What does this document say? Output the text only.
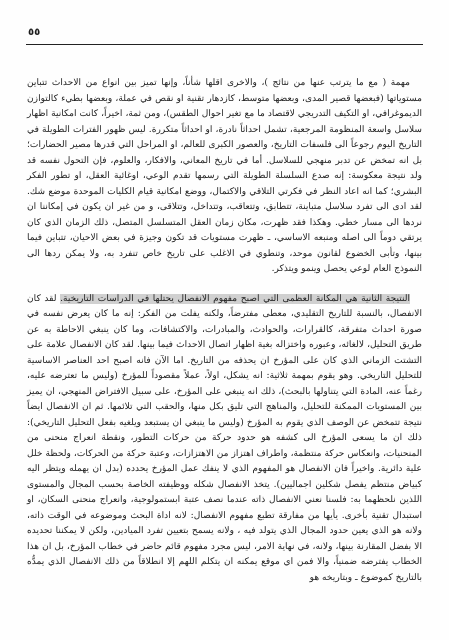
٥٥

مهمة ( مع ما يترتب عنها من نتائج )، والاخرى اقلها شأناً، وإنها تميز بين انواع من الاحداث تتباين مستوياتها (فبعضها قصير المدى، وبعضها متوسط، كازدهار تقنية او نقص في عملة، وبعضها بطيء كالتوازن الديموغرافي، او التكيف التدريجي لاقتصاد ما مع تغير احوال الطقس)، ومن ثمة، اخيراً، كانت امكانية اظهار سلاسل واسعة المنظومة المرجعية، تشمل احداثاً نادرة، او احداثاً متكررة. ليس ظهور الفترات الطويلة في التاريخ اليوم رجوعاً الى فلسفات التاريخ، والعصور الكبرى للعالم، او المراحل التي قدرها مصير الحضارات؛ بل انه تمخض عن تدبر منهجي للسلاسل. أما في تاريخ المعاني، والافكار، والعلوم، فإن التحول نفسه قد ولد نتيجة معكوسة: إنه صدع السلسلة الطويلة التي رسمها تقدم الوعي، اوغائية العقل، او تطور الفكر البشري؛ كما انه اعاد النظر في فكرتي التلاقي والاكتمال، ووضع امكانية قيام الكليات الموحدة موضع شك. لقد ادى الى تفرد سلاسل متباينة، تتطابق، وتتعاقب، وتتداخل، وتتلاقى، و من غير ان يكون في إمكاننا ان نردها الى مسار خطي. وهكذا فقد ظهرت، مكان زمان العقل المتسلسل المتصل، ذلك الزمان الذي كان يرتقي دوماً الى اصله ومنبعه الاساسي، ـ ظهرت مستويات قد تكون وجيزة في بعض الاحيان، تتباين فيما بينها، وتأبى الخضوع لقانون موحد، وتنطوي في الاغلب على تاريخ خاص تنفرد به، ولا يمكن ردها الى النموذج العام لوعي يحصل وينمو ويتذكر.

النتيجة الثانية هي المكانة العظمى التي اصبح مفهوم الانفصال يحتلها في الدراسات التاريخية. لقد كان الانفصال، بالنسبة للتاريخ التقليدي، معطى مفترضاً، ولكنه يفلت من الفكر: إنه ما كان يعرض نفسه في صورة احداث متفرقة، كالقرارات، والحوادث، والمبادرات، والاكتشافات، وما كان ينبغي الاحاطة به عن طريق التحليل، لالغائه، وعبوره واختزاله بغية اظهار اتصال الاحداث فيما بينها. لقد كان الانفصال علامة على التشتت الزماني الذي كان على المؤرخ ان يحذفه من التاريخ. اما الآن فانه اصبح احد العناصر الاساسية للتحليل التاريخي. وهو يقوم بمهمة ثلاثية: انه يشكل، اولاً، عملاً مقصوداً للمؤرخ (وليس ما تعترضه عليه، رغماً عنه، المادة التي يتناولها بالبحث)، ذلك انه ينبغي على المؤرخ، على سبيل الافتراض المنهجي، ان يميز بين المستويات الممكنة للتحليل، والمناهج التي تليق بكل منها، والحقب التي تلائمها. ثم ان الانفصال ايضاً نتيجة تتمخض عن الوصف الذي يقوم به المؤرخ (وليس ما ينبغي ان يستبعد ويلغيه بفعل التحليل التاريخي): ذلك ان ما يسعى المؤرخ الى كشفه هو حدود حركة من حركات التطور، ونقطة انعراج منحنى من المنحنيات، وانعكاس حركة منتظمة، واطراف اهتزاز من الاهتزازات، وعتبة حركة من الحركات، ولحظة خلل علية دائرية. واخيراً فان الانفصال هو المفهوم الذي لا ينفك عمل المؤرخ يحدده (بدل ان يهمله ويتظر اليه كبياض منتظم يفصل شكلين اجماليين). يتخذ الانفصال شكله ووظيفته الخاصة بحسب المجال والمستوى اللذين نلحظهما به: فلسنا نعني الانفصال ذاته عندما نصف عتبة ابستمولوجية، وانعراج منحنى السكان، او استبدال تقنية بأخرى. يأيها من مفارقة تطبع مفهوم الانفصال: لانه اداة البحث وموضوعه في الوقت ذاته، ولانه هو الذي يعين حدود المجال الذي يتولد فيه ، ولانه يسمح بتعيين تفرد الميادين، ولكن لا يمكننا تحديده الا بفضل المقارنة بينها، ولانه، في نهاية الامر، ليس مجرد مفهوم قائم حاضر في خطاب المؤرخ، بل ان هذا الخطاب يفترضه ضمنياً، والا فمن اي موقع يمكنه ان يتكلم اللهم إلا انطلاقاً من ذلك الانفصال الذي يمدُّه بالتاريخ كموضوع ـ وبتاريخه هو
